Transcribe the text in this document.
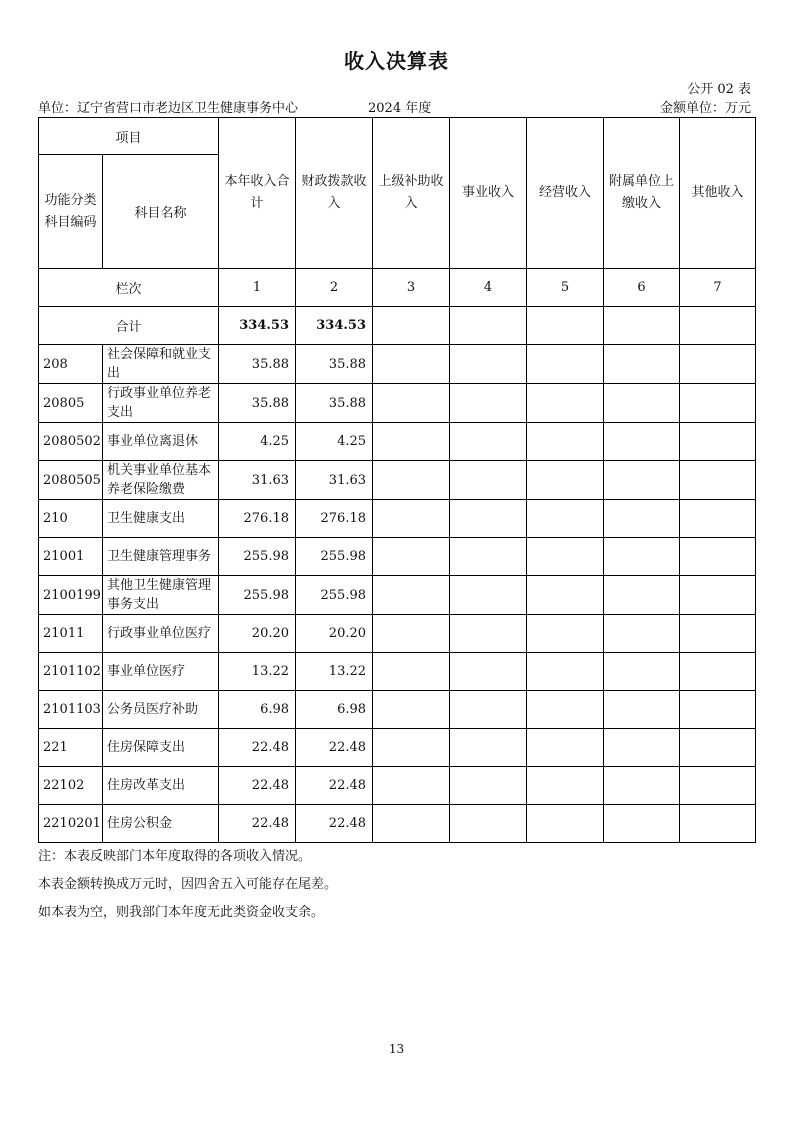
收入决算表
公开 02 表
单位：辽宁省营口市老边区卫生健康事务中心	2024 年度	金额单位：万元
项目		本年收入合计	财政拨款收入	上级补助收入	事业收入	经营收入	附属单位上缴收入	其他收入
功能分类科目编码	科目名称							
栏次		1	2	3	4	5	6	7
合计		334.53	334.53					
208	社会保障和就业支出	35.88	35.88					
20805	行政事业单位养老支出	35.88	35.88					
2080502	事业单位离退休	4.25	4.25					
2080505	机关事业单位基本养老保险缴费	31.63	31.63					
210	卫生健康支出	276.18	276.18					
21001	卫生健康管理事务	255.98	255.98					
2100199	其他卫生健康管理事务支出	255.98	255.98					
21011	行政事业单位医疗	20.20	20.20					
2101102	事业单位医疗	13.22	13.22					
2101103	公务员医疗补助	6.98	6.98					
221	住房保障支出	22.48	22.48					
22102	住房改革支出	22.48	22.48					
2210201	住房公积金	22.48	22.48					
注：本表反映部门本年度取得的各项收入情况。
本表金额转换成万元时，因四舍五入可能存在尾差。
如本表为空，则我部门本年度无此类资金收支余。
13
